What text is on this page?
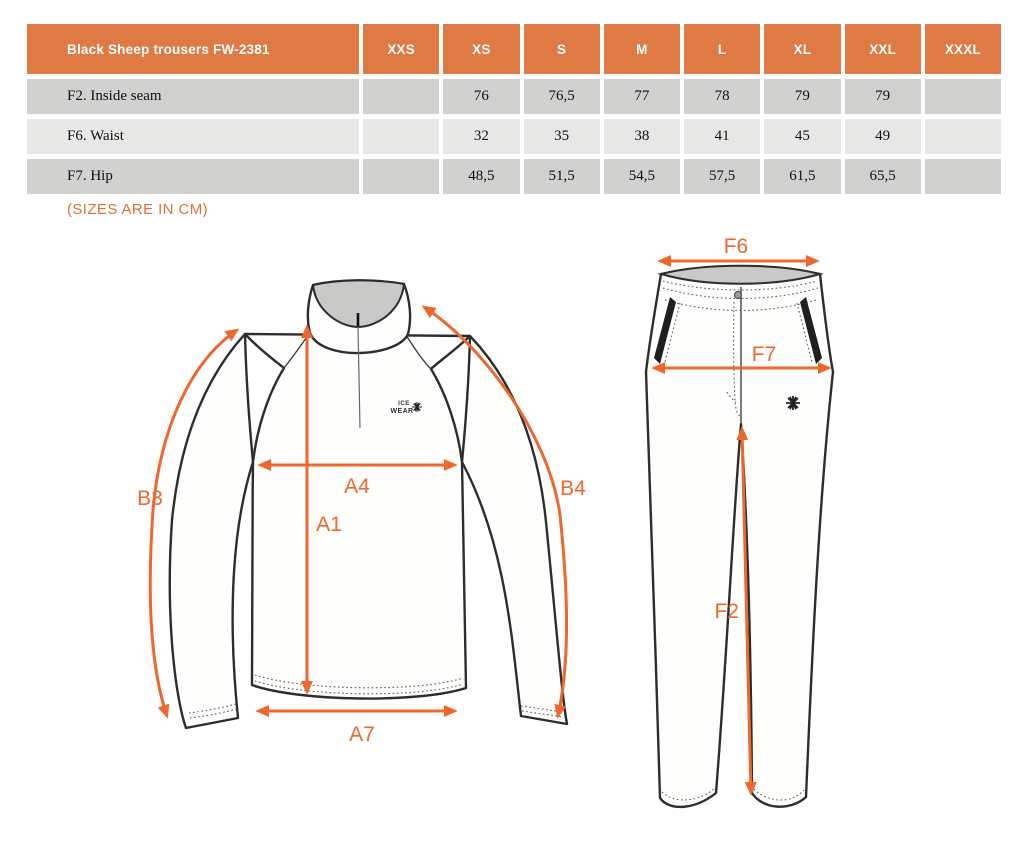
Black Sheep trousers FW-2381	XXS	XS	S	M	L	XL	XXL	XXXL
F2. Inside seam		76	76,5	77	78	79	79	
F6. Waist		32	35	38	41	45	49	
F7. Hip		48,5	51,5	54,5	57,5	61,5	65,5	
(SIZES ARE IN CM)
ICE
WEAR
B3
A4
A1
A7
B4
F6
F7
F2
